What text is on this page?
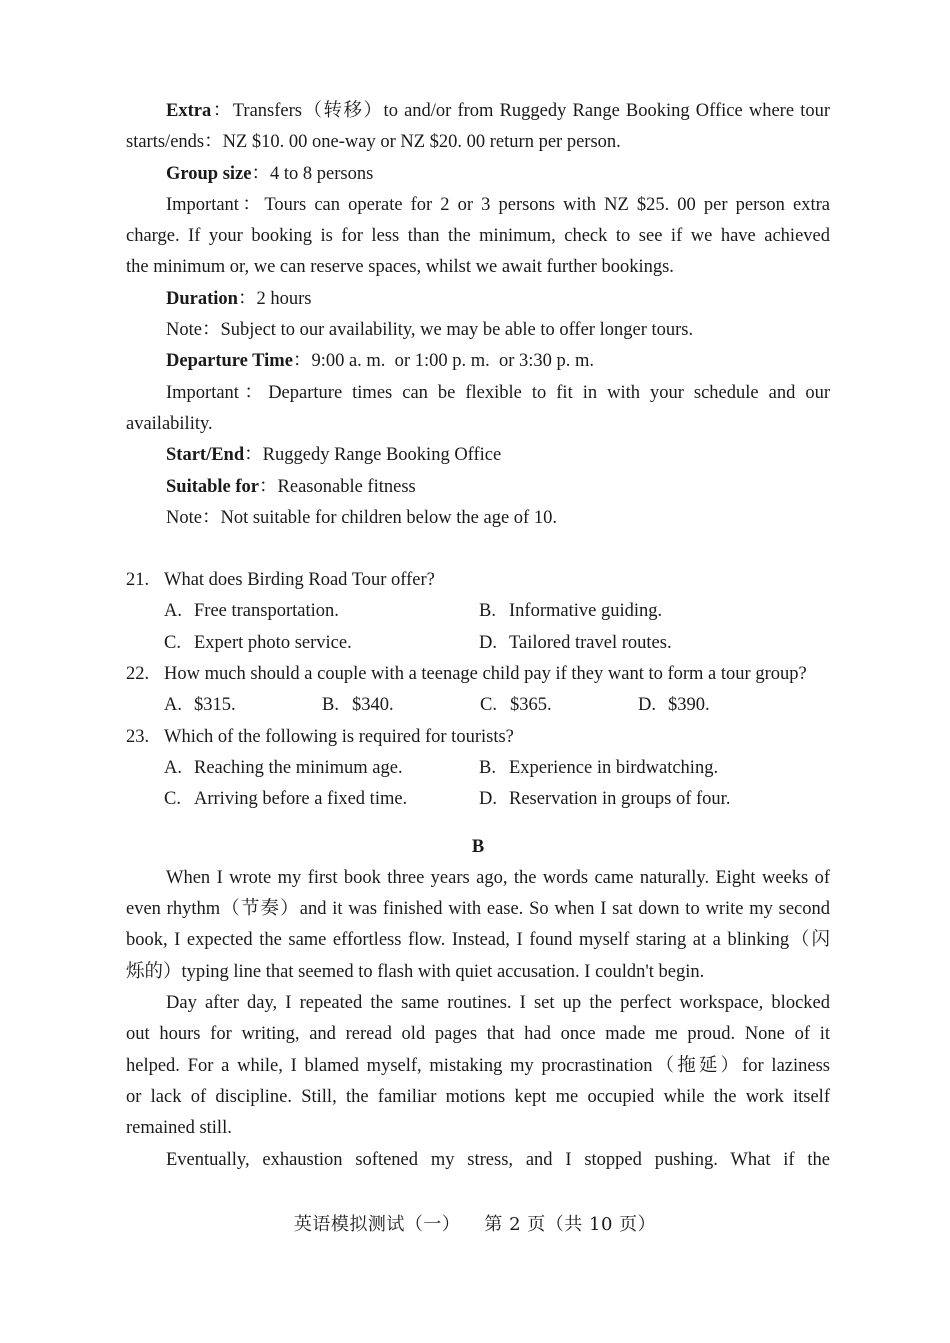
Extra：Transfers（转移）to and/or from Ruggedy Range Booking Office where tour
starts/ends：NZ $10. 00 one-way or NZ $20. 00 return per person.
Group size：4 to 8 persons
Important：Tours can operate for 2 or 3 persons with NZ $25. 00 per person extra
charge. If your booking is for less than the minimum, check to see if we have achieved
the minimum or, we can reserve spaces, whilst we await further bookings.
Duration：2 hours
Note：Subject to our availability, we may be able to offer longer tours.
Departure Time：9:00 a. m.  or 1:00 p. m.  or 3:30 p. m.
Important：Departure times can be flexible to fit in with your schedule and our
availability.
Start/End：Ruggedy Range Booking Office
Suitable for：Reasonable fitness
Note：Not suitable for children below the age of 10.
21. What does Birding Road Tour offer?
A. Free transportation.	B. Informative guiding.
C. Expert photo service.	D. Tailored travel routes.
22. How much should a couple with a teenage child pay if they want to form a tour group?
A. $315.	B. $340.	C. $365.	D. $390.
23. Which of the following is required for tourists?
A. Reaching the minimum age.	B. Experience in birdwatching.
C. Arriving before a fixed time.	D. Reservation in groups of four.
B
When I wrote my first book three years ago, the words came naturally. Eight weeks of
even rhythm（节奏）and it was finished with ease. So when I sat down to write my second
book, I expected the same effortless flow. Instead, I found myself staring at a blinking（闪
烁的）typing line that seemed to flash with quiet accusation. I couldn't begin.
Day after day, I repeated the same routines. I set up the perfect workspace, blocked
out hours for writing, and reread old pages that had once made me proud. None of it
helped. For a while, I blamed myself, mistaking my procrastination（拖延）for laziness
or lack of discipline. Still, the familiar motions kept me occupied while the work itself
remained still.
Eventually, exhaustion softened my stress, and I stopped pushing. What if the
英语模拟测试（一） 第 2 页（共 10 页）
